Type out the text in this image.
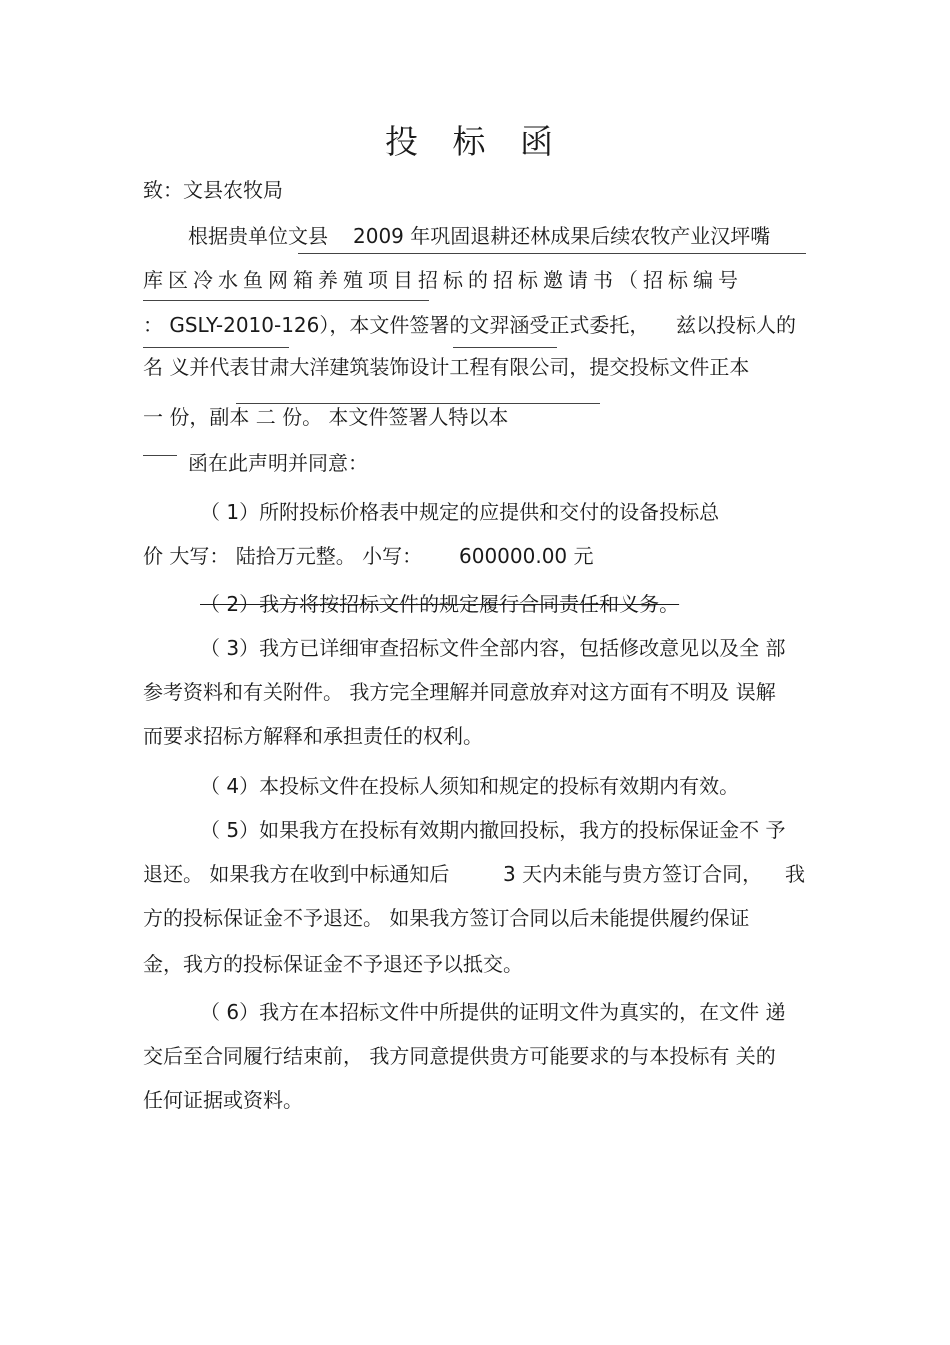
投 标 函
致：文县农牧局
根据贵单位文县 2009 年巩固退耕还林成果后续农牧产业汉坪嘴
库区冷水鱼网箱养殖项目招标的招标邀请书（招标编号
： GSLY-2010-126），本文件签署的文羿涵受正式委托， 兹以投标人的
名 义并代表甘肃大洋建筑装饰设计工程有限公司，提交投标文件正本
一 份，副本 二 份。 本文件签署人特以本
函在此声明并同意：
（ 1）所附投标价格表中规定的应提供和交付的设备投标总
价 大写： 陆拾万元整。 小写： 600000.00 元
（ 2）我方将按招标文件的规定履行合同责任和义务。
（ 3）我方已详细审查招标文件全部内容，包括修改意见以及全 部
参考资料和有关附件。 我方完全理解并同意放弃对这方面有不明及 误解
而要求招标方解释和承担责任的权利。
（ 4）本投标文件在投标人须知和规定的投标有效期内有效。
（ 5）如果我方在投标有效期内撤回投标，我方的投标保证金不 予
退还。 如果我方在收到中标通知后	3 天内未能与贵方签订合同， 我
方的投标保证金不予退还。 如果我方签订合同以后未能提供履约保证
金，我方的投标保证金不予退还予以抵交。
（ 6）我方在本招标文件中所提供的证明文件为真实的，在文件 递
交后至合同履行结束前， 我方同意提供贵方可能要求的与本投标有 关的
任何证据或资料。
